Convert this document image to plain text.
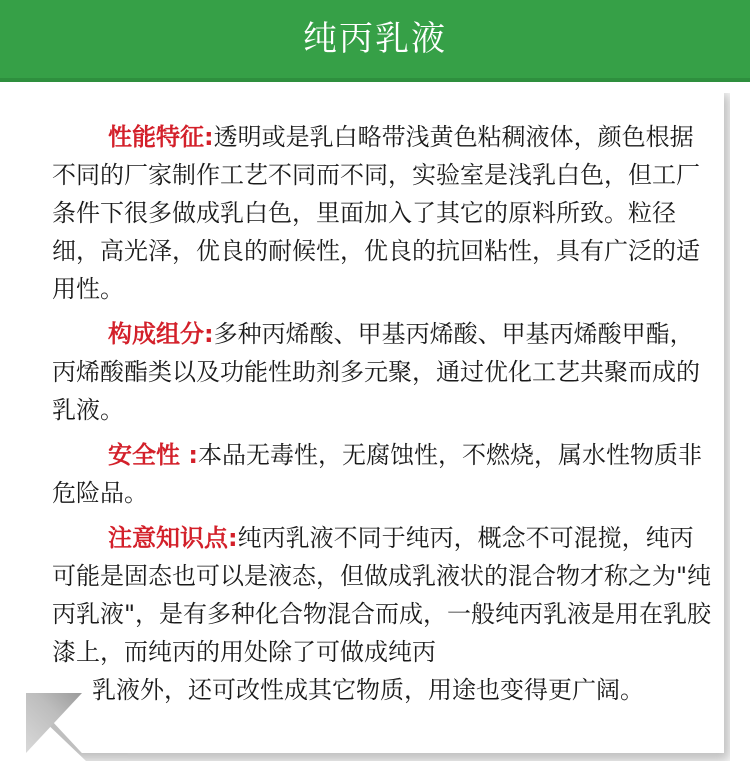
纯丙乳液

性能特征:透明或是乳白略带浅黄色粘稠液体，颜色根据不同的厂家制作工艺不同而不同，实验室是浅乳白色，但工厂条件下很多做成乳白色，里面加入了其它的原料所致。粒径细，高光泽，优良的耐候性，优良的抗回粘性，具有广泛的适用性。

构成组分:多种丙烯酸、甲基丙烯酸、甲基丙烯酸甲酯，丙烯酸酯类以及功能性助剂多元聚，通过优化工艺共聚而成的乳液。

安全性 :本品无毒性，无腐蚀性，不燃烧，属水性物质非危险品。

注意知识点:纯丙乳液不同于纯丙，概念不可混搅，纯丙可能是固态也可以是液态，但做成乳液状的混合物才称之为"纯丙乳液"，是有多种化合物混合而成，一般纯丙乳液是用在乳胶漆上，而纯丙的用处除了可做成纯丙

乳液外，还可改性成其它物质，用途也变得更广阔。
